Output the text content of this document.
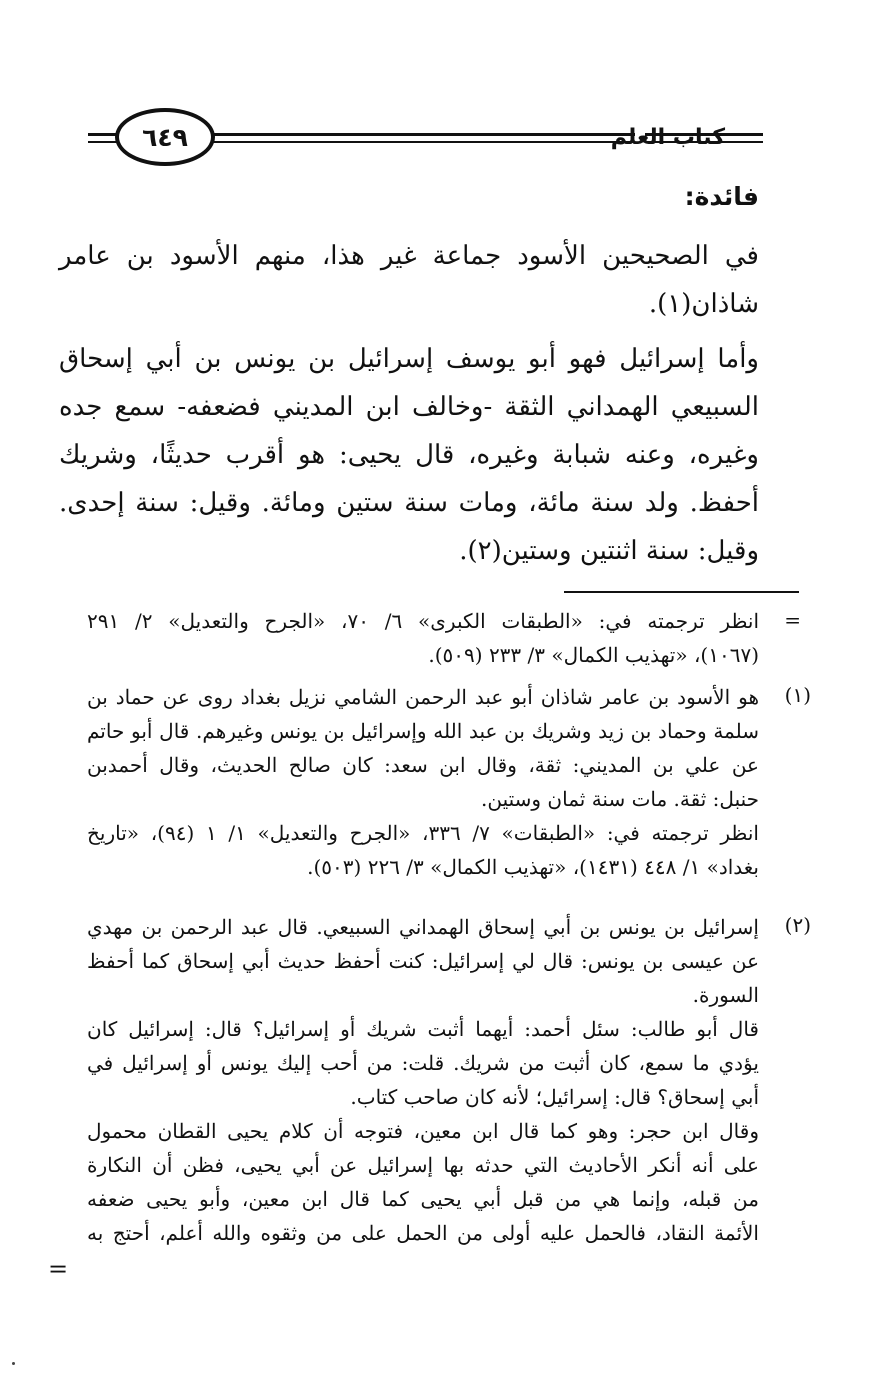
كتاب العلم
٦٤٩
فائدة:
في الصحيحين الأسود جماعة غير هذا، منهم الأسود بن عامر
شاذان(١).
وأما إسرائيل فهو أبو يوسف إسرائيل بن يونس بن أبي إسحاق
السبيعي الهمداني الثقة -وخالف ابن المديني فضعفه- سمع جده
وغيره، وعنه شبابة وغيره، قال يحيى: هو أقرب حديثًا، وشريك
أحفظ. ولد سنة مائة، ومات سنة ستين ومائة. وقيل: سنة إحدى.
وقيل: سنة اثنتين وستين(٢).
=
انظر ترجمته في: «الطبقات الكبرى» ٦/ ٧٠، «الجرح والتعديل» ٢/ ٢٩١
(١٠٦٧)، «تهذيب الكمال» ٣/ ٢٣٣ (٥٠٩).
(١)
هو الأسود بن عامر شاذان أبو عبد الرحمن الشامي نزيل بغداد روى عن حماد بن
سلمة وحماد بن زيد وشريك بن عبد الله وإسرائيل بن يونس وغيرهم. قال أبو حاتم
عن علي بن المديني: ثقة، وقال ابن سعد: كان صالح الحديث، وقال أحمدبن
حنبل: ثقة. مات سنة ثمان وستين.
انظر ترجمته في: «الطبقات» ٧/ ٣٣٦، «الجرح والتعديل» ١/ ١ (٩٤)، «تاريخ
بغداد» ١/ ٤٤٨ (١٤٣١)، «تهذيب الكمال» ٣/ ٢٢٦ (٥٠٣).
(٢)
إسرائيل بن يونس بن أبي إسحاق الهمداني السبيعي. قال عبد الرحمن بن مهدي
عن عيسى بن يونس: قال لي إسرائيل: كنت أحفظ حديث أبي إسحاق كما أحفظ
السورة.
قال أبو طالب: سئل أحمد: أيهما أثبت شريك أو إسرائيل؟ قال: إسرائيل كان
يؤدي ما سمع، كان أثبت من شريك. قلت: من أحب إليك يونس أو إسرائيل في
أبي إسحاق؟ قال: إسرائيل؛ لأنه كان صاحب كتاب.
وقال ابن حجر: وهو كما قال ابن معين، فتوجه أن كلام يحيى القطان محمول
على أنه أنكر الأحاديث التي حدثه بها إسرائيل عن أبي يحيى، فظن أن النكارة
من قبله، وإنما هي من قبل أبي يحيى كما قال ابن معين، وأبو يحيى ضعفه
الأئمة النقاد، فالحمل عليه أولى من الحمل على من وثقوه والله أعلم، أحتج به
=
